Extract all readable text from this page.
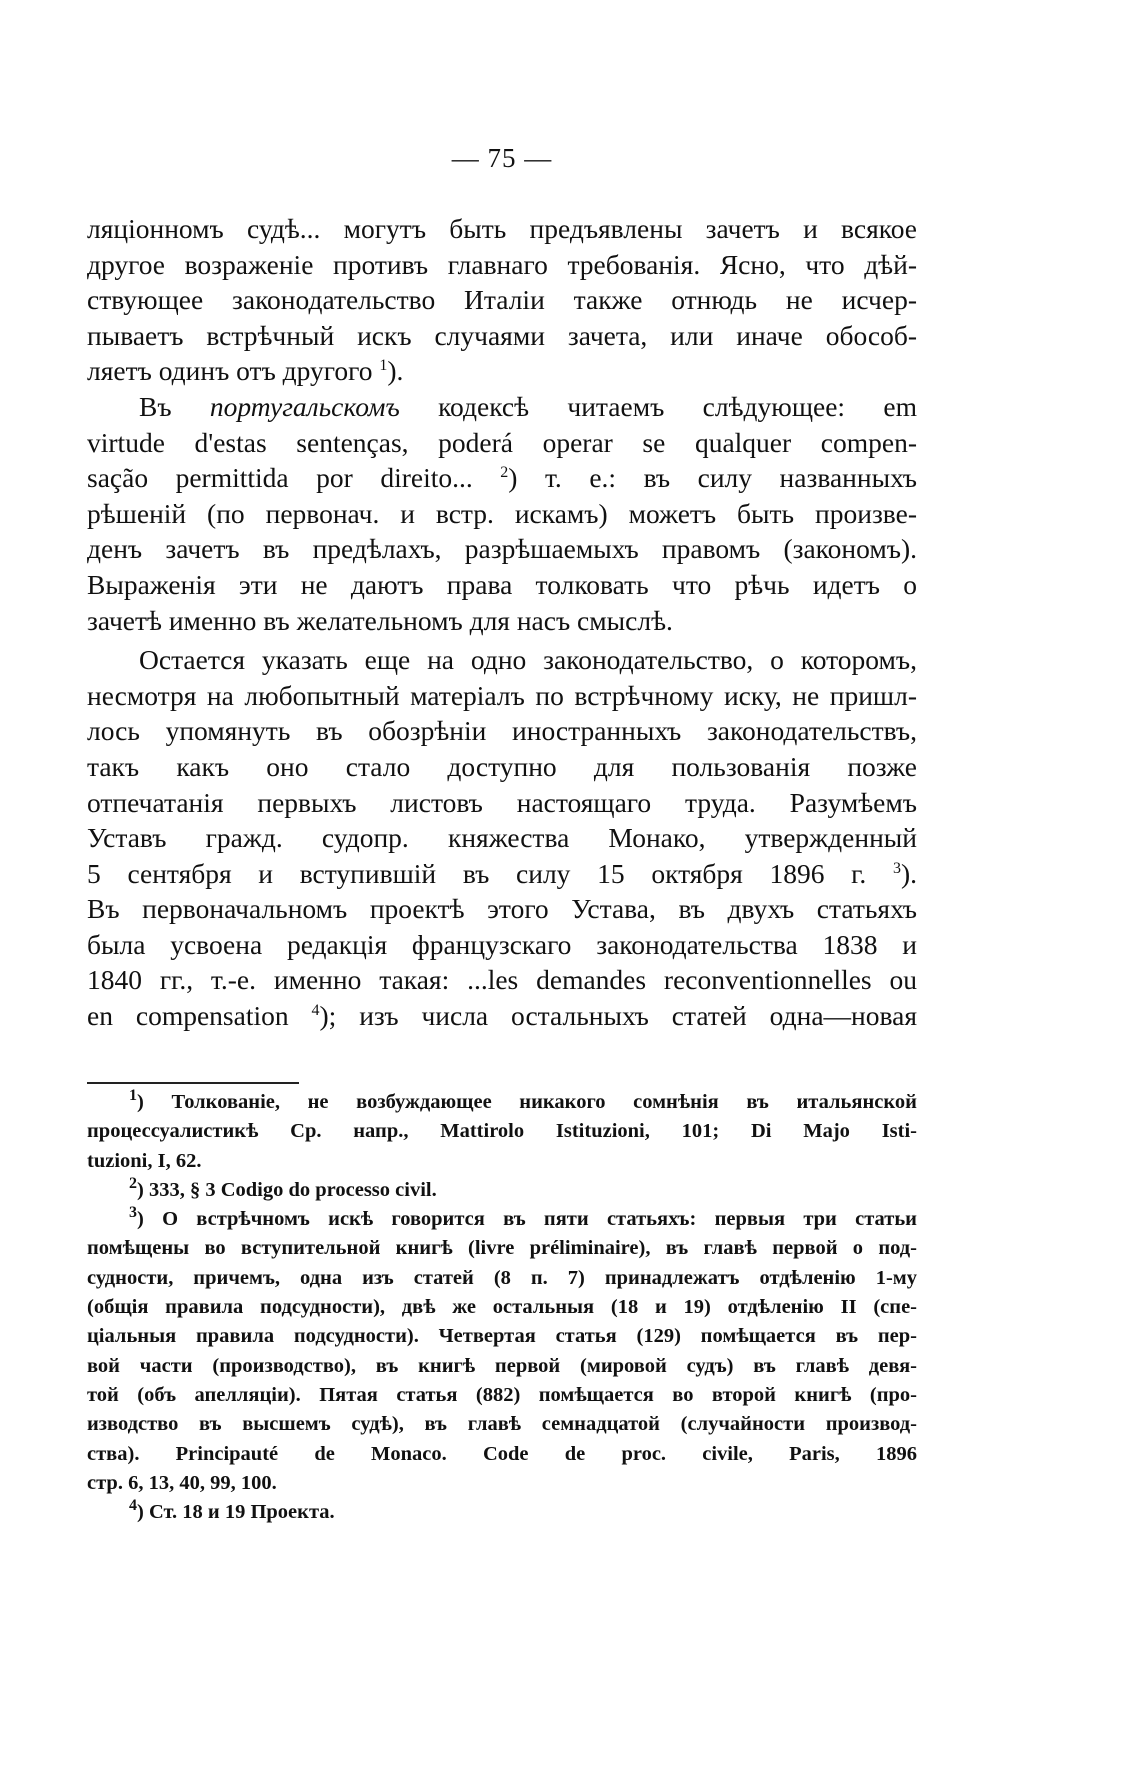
— 75 —
ляціонномъ судѣ... могутъ быть предъявлены зачетъ и всякое
другое возраженіе противъ главнаго требованія. Ясно, что дѣй-
ствующее законодательство Италіи также отнюдь не исчер-
пываетъ встрѣчный искъ случаями зачета, или иначе обособ-
ляетъ одинъ отъ другого $^1$).
Въ португальскомъ кодексѣ читаемъ слѣдующее: em
virtude d'estas sentenças, poderá operar se qualquer compen-
sação permittida por direito... $^2$) т. е.: въ силу названныхъ
рѣшеній (по первонач. и встр. искамъ) можетъ быть произве-
денъ зачетъ въ предѣлахъ, разрѣшаемыхъ правомъ (закономъ).
Выраженія эти не даютъ права толковать что рѣчь идетъ о
зачетѣ именно въ желательномъ для насъ смыслѣ.
Остается указать еще на одно законодательство, о которомъ,
несмотря на любопытный матеріалъ по встрѣчному иску, не пришл-
лось упомянуть въ обозрѣніи иностранныхъ законодательствъ,
такъ какъ оно стало доступно для пользованія позже
отпечатанія первыхъ листовъ настоящаго труда. Разумѣемъ
Уставъ гражд. судопр. княжества Монако, утвержденный
5 сентября и вступившій въ силу 15 октября 1896 г. $^3$).
Въ первоначальномъ проектѣ этого Устава, въ двухъ статьяхъ
была усвоена редакція французскаго законодательства 1838 и
1840 гг., т.-е. именно такая: ...les demandes reconventionnelles ou
en compensation $^4$); изъ числа остальныхъ статей одна—новая
$^1$) Толкованіе, не возбуждающее никакого сомнѣнія въ итальянской
процессуалистикѣ Ср. напр., Mattirolo Istituzioni, 101; Di Majo Isti-
tuzioni, I, 62.
$^2$) 333, § 3 Codigo do processo civil.
$^3$) О встрѣчномъ искѣ говорится въ пяти статьяхъ: первыя три статьи
помѣщены во вступительной книгѣ (livre préliminaire), въ главѣ первой о под-
судности, причемъ, одна изъ статей (8 п. 7) принадлежатъ отдѣленію 1-му
(общія правила подсудности), двѣ же остальныя (18 и 19) отдѣленію II (спе-
ціальныя правила подсудности). Четвертая статья (129) помѣщается въ пер-
вой части (производство), въ книгѣ первой (мировой судъ) въ главѣ девя-
той (объ апелляціи). Пятая статья (882) помѣщается во второй книгѣ (про-
изводство въ высшемъ судѣ), въ главѣ семнадцатой (случайности производ-
ства). Principauté de Monaco. Code de proc. civile, Paris, 1896
стр. 6, 13, 40, 99, 100.
$^4$) Ст. 18 и 19 Проекта.
